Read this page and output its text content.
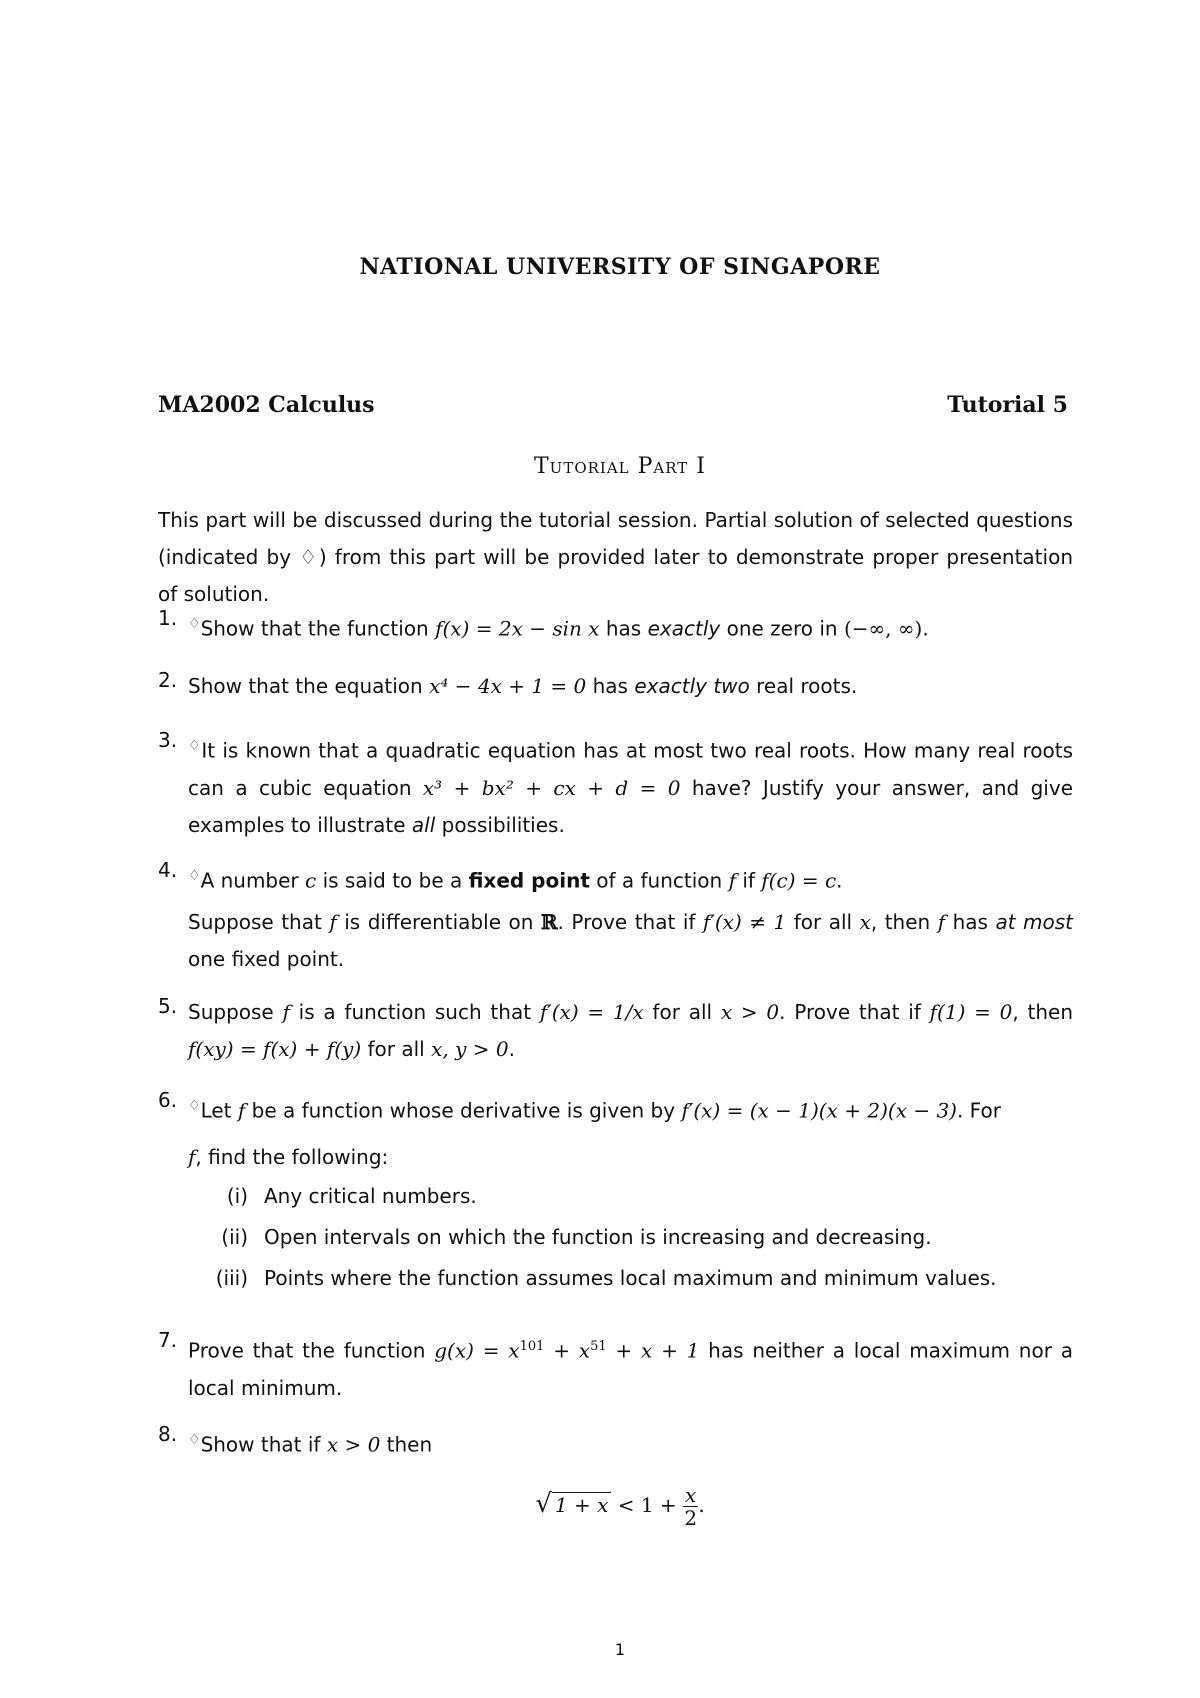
NATIONAL UNIVERSITY OF SINGAPORE
MA2002 Calculus	Tutorial 5
Tutorial Part I
This part will be discussed during the tutorial session. Partial solution of selected questions (indicated by ♢) from this part will be provided later to demonstrate proper presentation of solution.
1. ♢Show that the function f(x) = 2x − sin x has exactly one zero in (−∞, ∞).
2. Show that the equation x⁴ − 4x + 1 = 0 has exactly two real roots.
3. ♢It is known that a quadratic equation has at most two real roots. How many real roots can a cubic equation x³ + bx² + cx + d = 0 have? Justify your answer, and give examples to illustrate all possibilities.
4. ♢A number c is said to be a fixed point of a function f if f(c) = c.
Suppose that f is differentiable on ℝ. Prove that if f′(x) ≠ 1 for all x, then f has at most one fixed point.
5. Suppose f is a function such that f′(x) = 1/x for all x > 0. Prove that if f(1) = 0, then f(xy) = f(x) + f(y) for all x, y > 0.
6. ♢Let f be a function whose derivative is given by f′(x) = (x − 1)(x + 2)(x − 3). For
f, find the following:
(i) Any critical numbers.
(ii) Open intervals on which the function is increasing and decreasing.
(iii) Points where the function assumes local maximum and minimum values.
7. Prove that the function $g(x) = x^{101} + x^{51} + x + 1$ has neither a local maximum nor a local minimum.
8. ♢Show that if x > 0 then
√ $1 + x < 1 + \frac{x}{2}$ .
1
